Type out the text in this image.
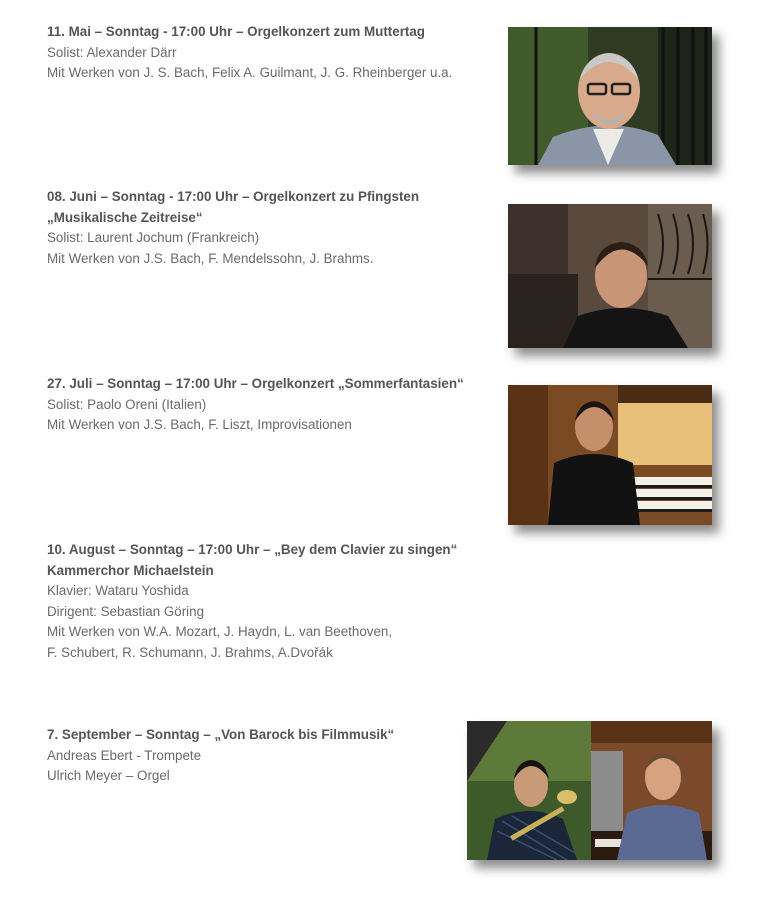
11. Mai – Sonntag - 17:00 Uhr – Orgelkonzert zum Muttertag
Solist: Alexander Därr
Mit Werken von J. S. Bach, Felix A. Guilmant, J. G. Rheinberger u.a.
08. Juni – Sonntag - 17:00 Uhr – Orgelkonzert zu Pfingsten
„Musikalische Zeitreise“
Solist: Laurent Jochum (Frankreich)
Mit Werken von J.S. Bach, F. Mendelssohn, J. Brahms.
27. Juli – Sonntag – 17:00 Uhr – Orgelkonzert „Sommerfantasien“
Solist: Paolo Oreni (Italien)
Mit Werken von J.S. Bach, F. Liszt, Improvisationen
10. August – Sonntag – 17:00 Uhr – „Bey dem Clavier zu singen“
Kammerchor Michaelstein
Klavier: Wataru Yoshida
Dirigent: Sebastian Göring
Mit Werken von W.A. Mozart, J. Haydn, L. van Beethoven,
F. Schubert, R. Schumann, J. Brahms, A.Dvořák
7. September – Sonntag – „Von Barock bis Filmmusik“
Andreas Ebert - Trompete
Ulrich Meyer – Orgel
